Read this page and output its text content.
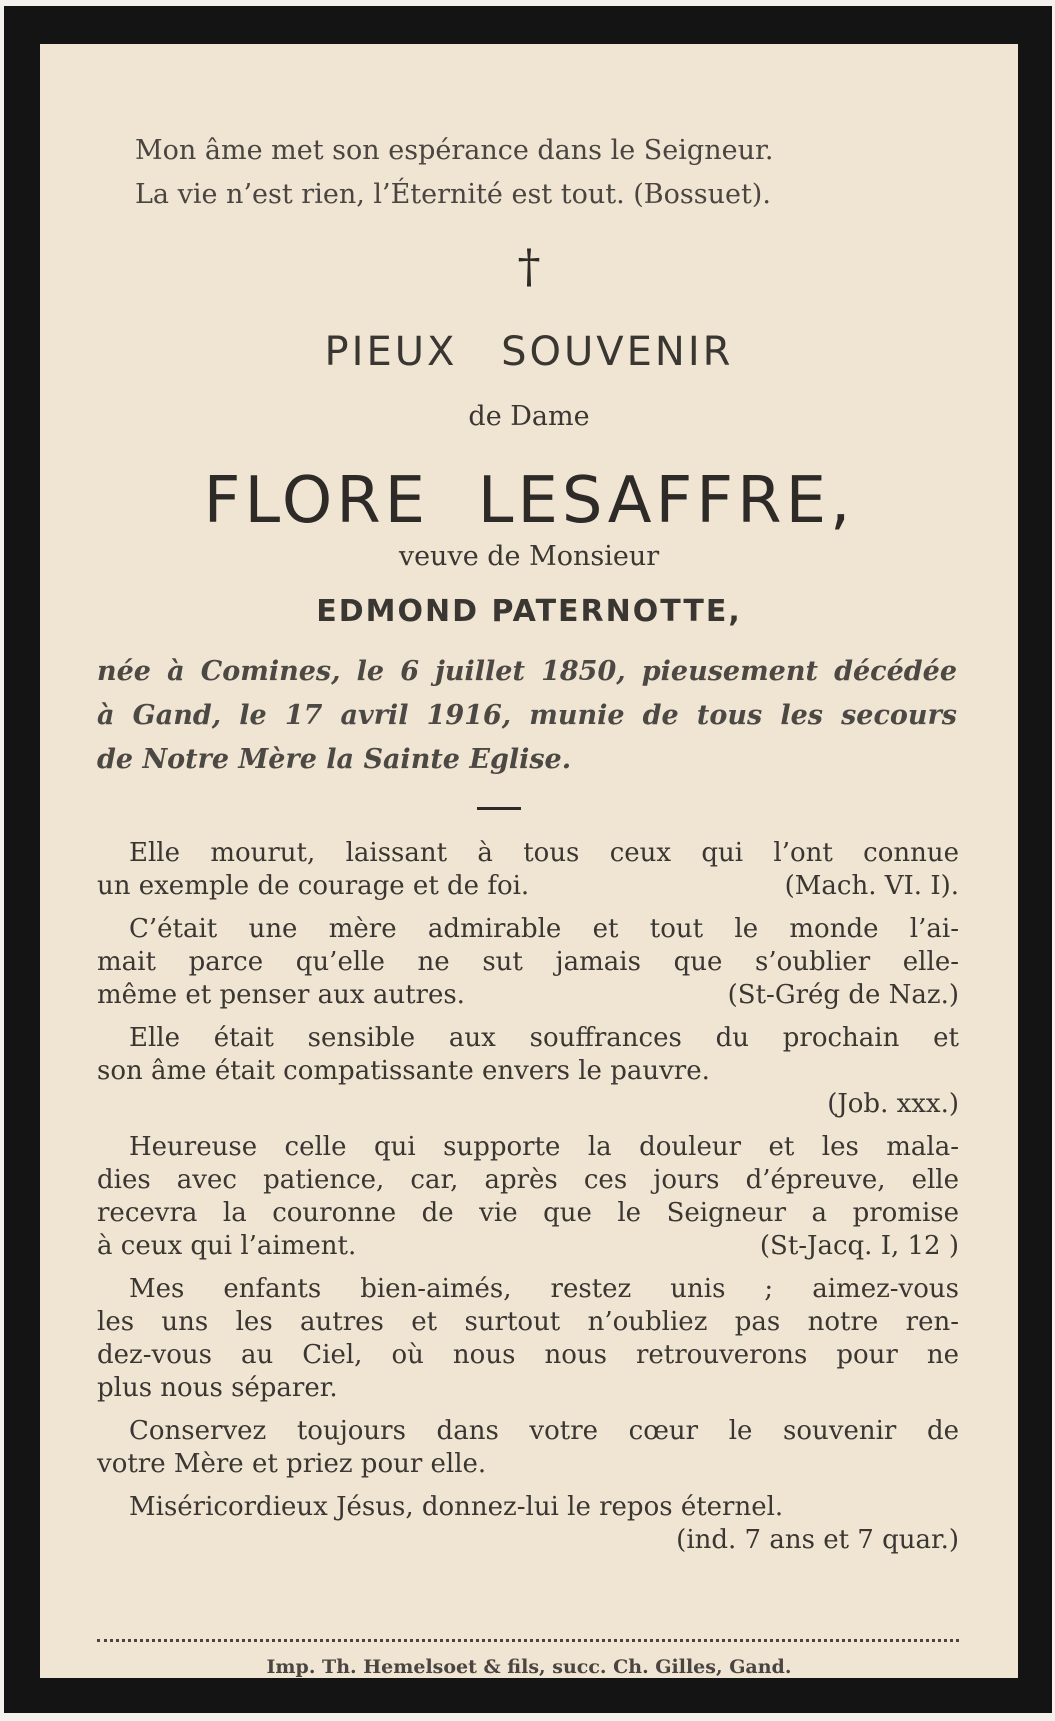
Mon âme met son espérance dans le Seigneur.
La vie n’est rien, l’Éternité est tout. (Bossuet).
†
PIEUX SOUVENIR
de Dame
FLORE  LESAFFRE,
veuve de Monsieur
EDMOND PATERNOTTE,
née à Comines, le 6 juillet 1850, pieusement décédée
à Gand, le 17 avril 1916, munie de tous les secours
de Notre Mère la Sainte Eglise.
Elle mourut, laissant à tous ceux qui l’ont connue
un exemple de courage et de foi.	(Mach. VI. I).
C’était une mère admirable et tout le monde l’ai-
mait parce qu’elle ne sut jamais que s’oublier elle-
même et penser aux autres.	(St-Grég de Naz.)
Elle était sensible aux souffrances du prochain et
son âme était compatissante envers le pauvre.
(Job. xxx.)
Heureuse celle qui supporte la douleur et les mala-
dies avec patience, car, après ces jours d’épreuve, elle
recevra la couronne de vie que le Seigneur a promise
à ceux qui l’aiment.	(St-Jacq. I, 12 )
Mes enfants bien-aimés, restez unis ; aimez-vous
les uns les autres et surtout n’oubliez pas notre ren-
dez-vous au Ciel, où nous nous retrouverons pour ne
plus nous séparer.
Conservez toujours dans votre cœur le souvenir de
votre Mère et priez pour elle.
Miséricordieux Jésus, donnez-lui le repos éternel.
(ind. 7 ans et 7 quar.)
Imp. Th. Hemelsoet & fils, succ. Ch. Gilles, Gand.
